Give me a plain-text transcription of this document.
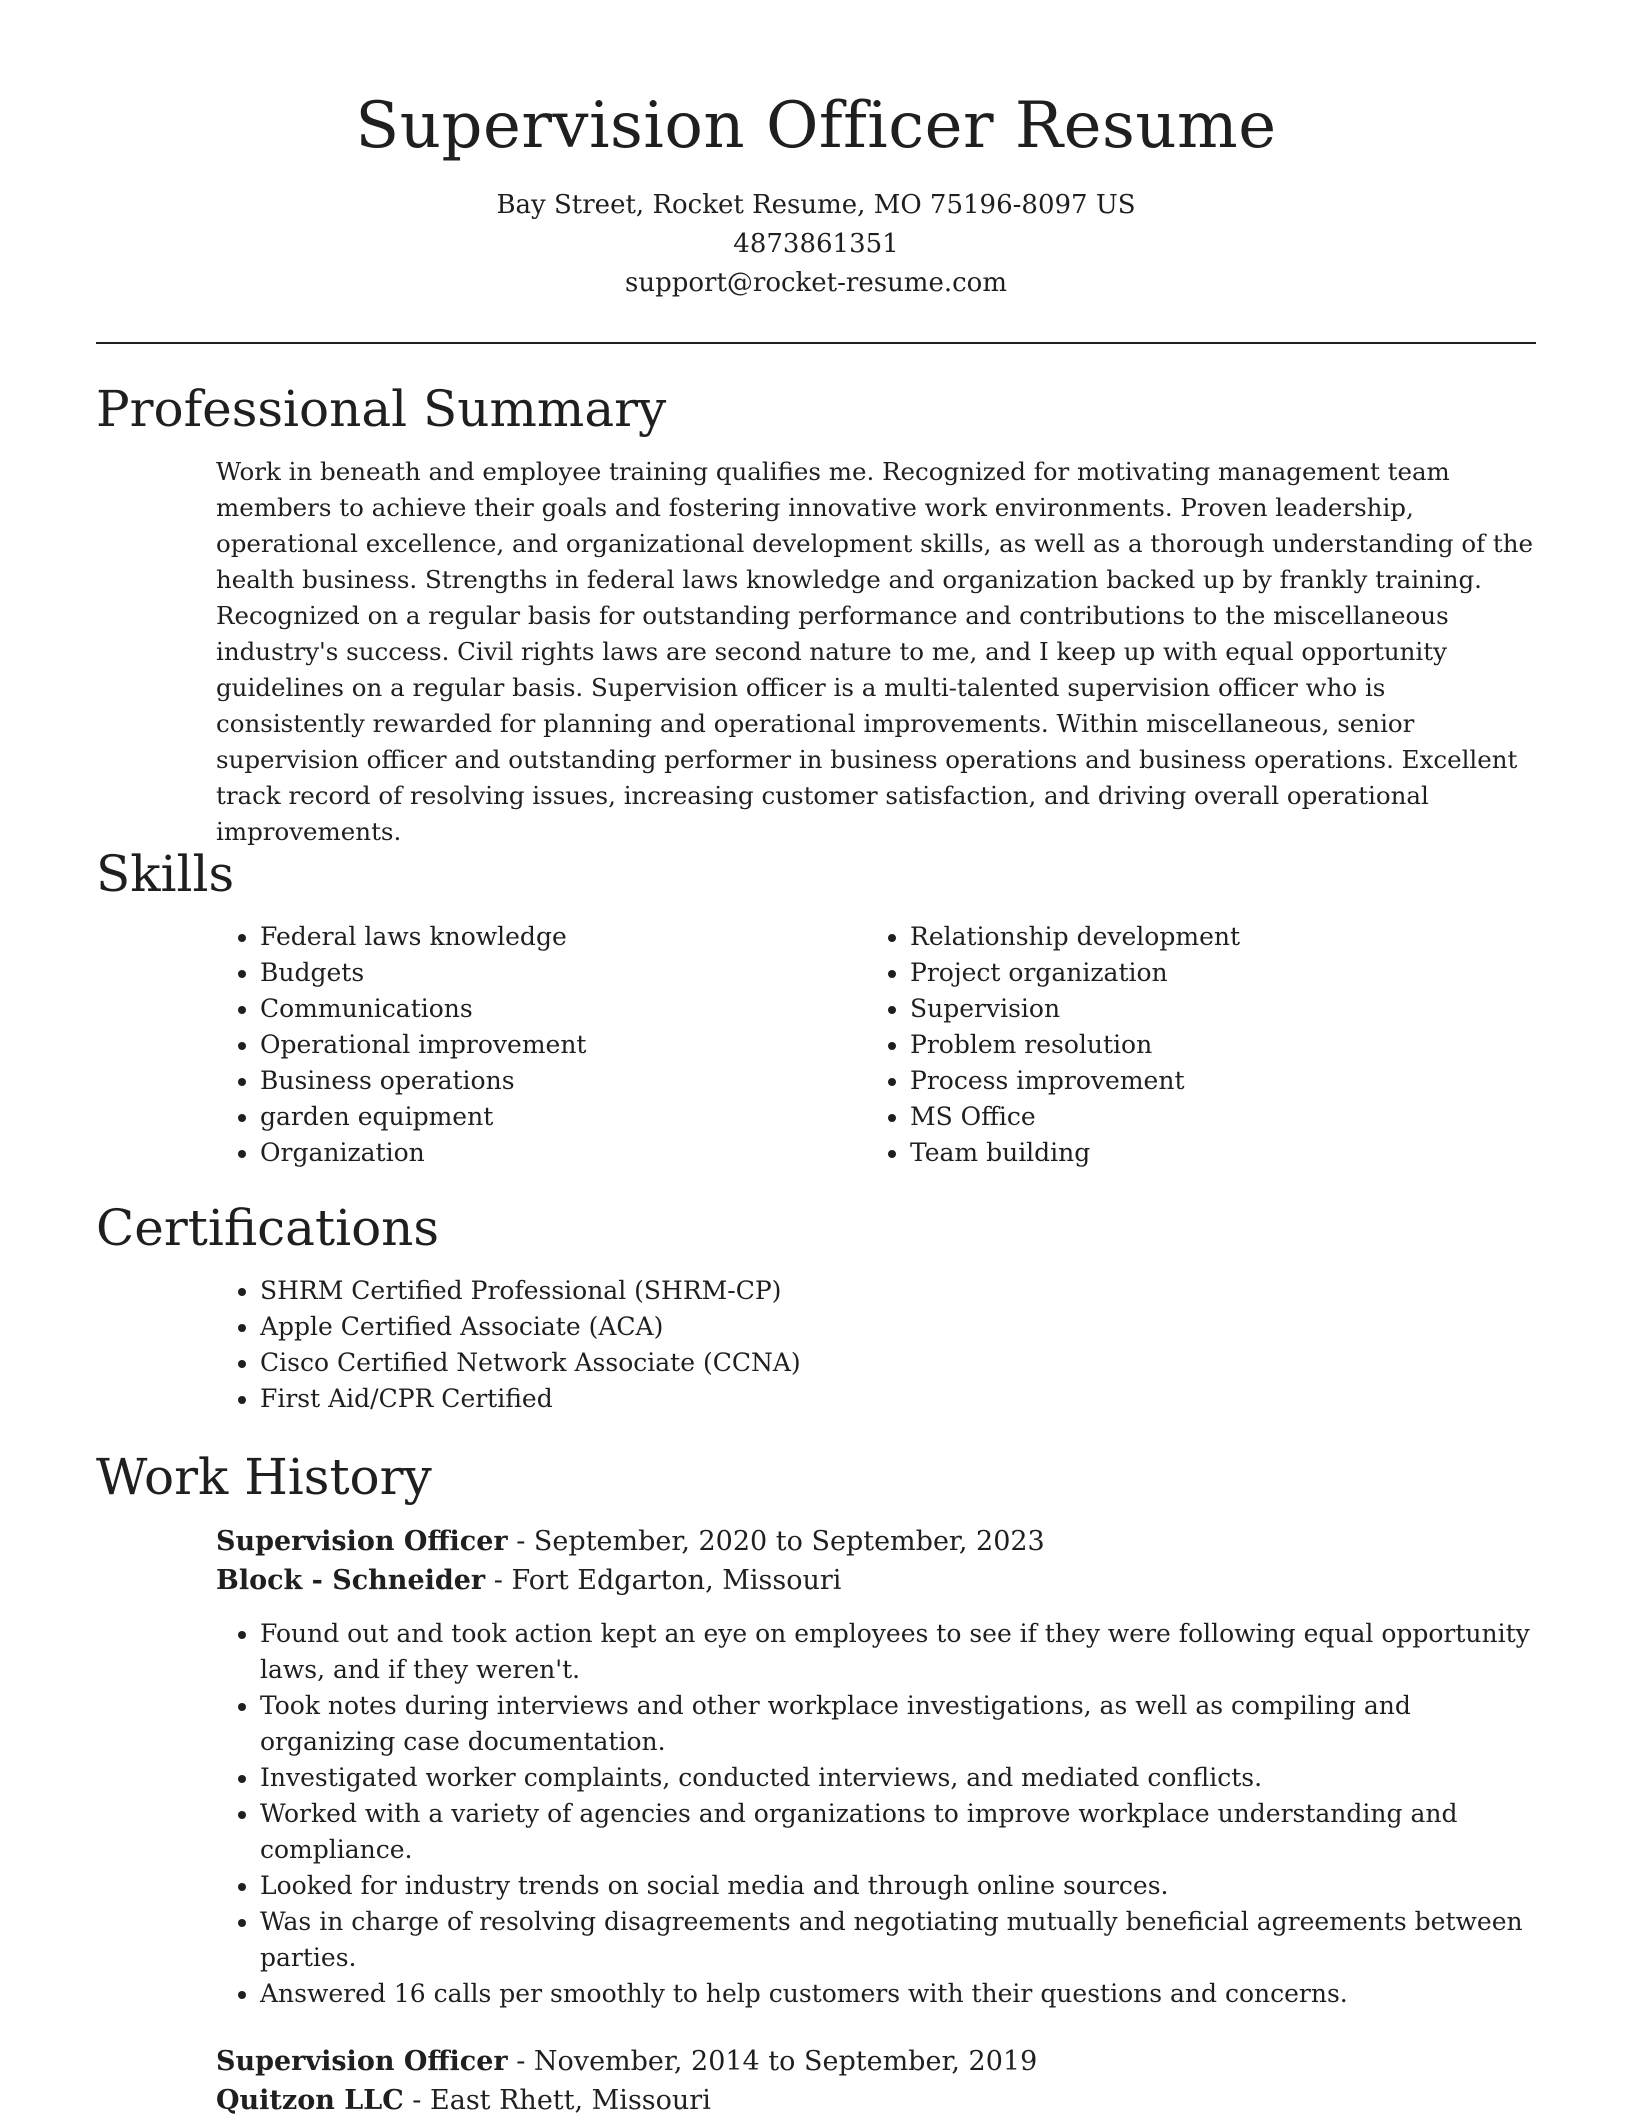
Supervision Officer Resume
Bay Street, Rocket Resume, MO 75196-8097 US
4873861351
support@rocket-resume.com
Professional Summary
Work in beneath and employee training qualifies me. Recognized for motivating management team members to achieve their goals and fostering innovative work environments. Proven leadership, operational excellence, and organizational development skills, as well as a thorough understanding of the health business. Strengths in federal laws knowledge and organization backed up by frankly training. Recognized on a regular basis for outstanding performance and contributions to the miscellaneous industry's success. Civil rights laws are second nature to me, and I keep up with equal opportunity guidelines on a regular basis. Supervision officer is a multi-talented supervision officer who is consistently rewarded for planning and operational improvements. Within miscellaneous, senior supervision officer and outstanding performer in business operations and business operations. Excellent track record of resolving issues, increasing customer satisfaction, and driving overall operational improvements.
Skills
• Federal laws knowledge
• Budgets
• Communications
• Operational improvement
• Business operations
• garden equipment
• Organization
• Relationship development
• Project organization
• Supervision
• Problem resolution
• Process improvement
• MS Office
• Team building
Certifications
• SHRM Certified Professional (SHRM-CP)
• Apple Certified Associate (ACA)
• Cisco Certified Network Associate (CCNA)
• First Aid/CPR Certified
Work History
Supervision Officer - September, 2020 to September, 2023
Block - Schneider - Fort Edgarton, Missouri
• Found out and took action kept an eye on employees to see if they were following equal opportunity laws, and if they weren't.
• Took notes during interviews and other workplace investigations, as well as compiling and organizing case documentation.
• Investigated worker complaints, conducted interviews, and mediated conflicts.
• Worked with a variety of agencies and organizations to improve workplace understanding and compliance.
• Looked for industry trends on social media and through online sources.
• Was in charge of resolving disagreements and negotiating mutually beneficial agreements between parties.
• Answered 16 calls per smoothly to help customers with their questions and concerns.
Supervision Officer - November, 2014 to September, 2019
Quitzon LLC - East Rhett, Missouri
